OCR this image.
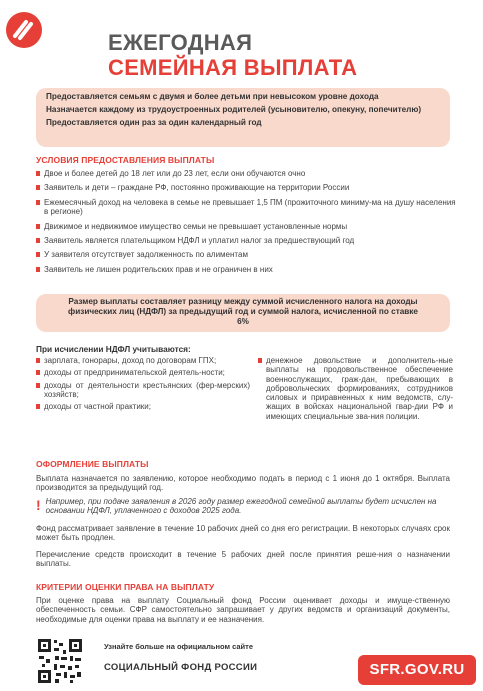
ЕЖЕГОДНАЯ
СЕМЕЙНАЯ ВЫПЛАТА

Предоставляется семьям с двумя и более детьми при невысоком уровне дохода

Назначается каждому из трудоустроенных родителей (усыновителю, опекуну, попечителю)

Предоставляется один раз за один календарный год

УСЛОВИЯ ПРЕДОСТАВЛЕНИЯ ВЫПЛАТЫ
Двое и более детей до 18 лет или до 23 лет, если они обучаются очно
Заявитель и дети – граждане РФ, постоянно проживающие на территории России
Ежемесячный доход на человека в семье не превышает 1,5 ПМ (прожиточного миниму-ма на душу населения в регионе)
Движимое и недвижимое имущество семьи не превышает установленные нормы
Заявитель является плательщиком НДФЛ и уплатил налог за предшествующий год
У заявителя отсутствует задолженность по алиментам
Заявитель не лишен родительских прав и не ограничен в них
Размер выплаты составляет разницу между суммой исчисленного налога на доходы физических лиц (НДФЛ) за предыдущий год и суммой налога, исчисленной по ставке 6%
При исчислении НДФЛ учитываются:
зарплата, гонорары, доход по договорам ГПХ;
доходы от предпринимательской деятель-ности;
доходы от деятельности крестьянских (фер-мерских) хозяйств;
доходы от частной практики;
денежное довольствие и дополнитель-ные выплаты на продовольственное обеспечение военнослужащих, граж-дан, пребывающих в добровольческих формированиях, сотрудников силовых и приравненных к ним ведомств, слу-жащих в войсках национальной гвар-дии РФ и имеющих специальные зва-ния полиции.
ОФОРМЛЕНИЕ ВЫПЛАТЫ
Выплата назначается по заявлению, которое необходимо подать в период с 1 июня до 1 октября. Выплата производится за предыдущий год.
! Например, при подаче заявления в 2026 году размер ежегодной семейной выплаты будет исчислен на основании НДФЛ, уплаченного с доходов 2025 года.
Фонд рассматривает заявление в течение 10 рабочих дней со дня его регистрации. В некоторых случаях срок может быть продлен.
Перечисление средств происходит в течение 5 рабочих дней после принятия реше-ния о назначении выплаты.
КРИТЕРИИ ОЦЕНКИ ПРАВА НА ВЫПЛАТУ
При оценке права на выплату Социальный фонд России оценивает доходы и имуще-ственную обеспеченность семьи. СФР самостоятельно запрашивает у других ведомств и организаций документы, необходимые для оценки права на выплату и ее назначения.
Узнайте больше на официальном сайте
СОЦИАЛЬНЫЙ ФОНД РОССИИ	SFR.GOV.RU
